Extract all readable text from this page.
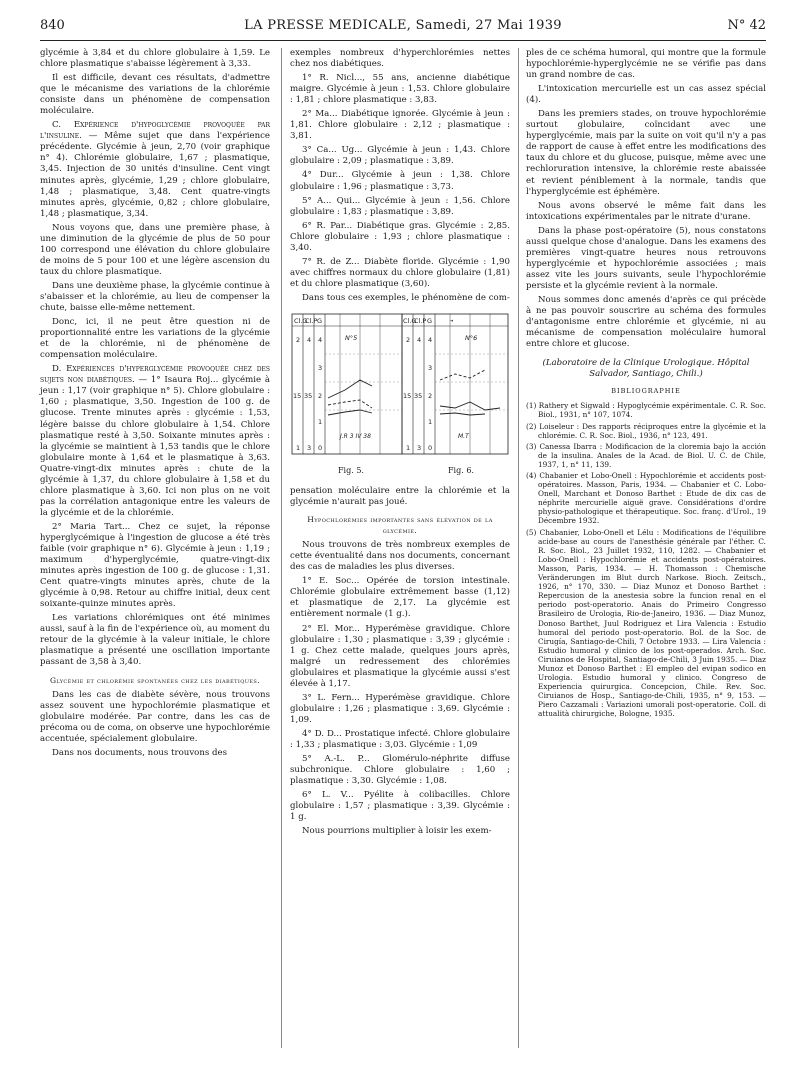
840	LA PRESSE MEDICALE, Samedi, 27 Mai 1939	N° 42

glycémie à 3,84 et du chlore globulaire à 1,59. Le chlore plasmatique s'abaisse légèrement à 3,33.

Il est difficile, devant ces résultats, d'admettre que le mécanisme des variations de la chlorémie consiste dans un phénomène de compensation moléculaire.

C. Expérience d'hypoglycémie provoquée par l'insuline. — Même sujet que dans l'expérience précédente. Glycémie à jeun, 2,70 (voir graphique n° 4). Chlorémie globulaire, 1,67 ; plasmatique, 3,45. Injection de 30 unités d'insuline. Cent vingt minutes après, glycémie, 1,29 ; chlore globulaire, 1,48 ; plasmatique, 3,48. Cent quatre-vingts minutes après, glycémie, 0,82 ; chlore globulaire, 1,48 ; plasmatique, 3,34.

Nous voyons que, dans une première phase, à une diminution de la glycémie de plus de 50 pour 100 correspond une élévation du chlore globulaire de moins de 5 pour 100 et une légère ascension du taux du chlore plasmatique.

Dans une deuxième phase, la glycémie continue à s'abaisser et la chlorémie, au lieu de compenser la chute, baisse elle-même nettement.

Donc, ici, il ne peut être question ni de proportionnalité entre les variations de la glycémie et de la chlorémie, ni de phénomène de compensation moléculaire.

D. Expériences d'hyperglycémie provoquée chez des sujets non diabétiques. — 1° Isaura Roj... glycémie à jeun : 1,17 (voir graphique n° 5). Chlore globulaire : 1,60 ; plasmatique, 3,50. Ingestion de 100 g. de glucose. Trente minutes après : glycémie : 1,53, légère baisse du chlore globulaire à 1,54. Chlore plasmatique resté à 3,50. Soixante minutes après : la glycémie se maintient à 1,53 tandis que le chlore globulaire monte à 1,64 et le plasmatique à 3,63. Quatre-vingt-dix minutes après : chute de la glycémie à 1,37, du chlore globulaire à 1,58 et du chlore plasmatique à 3,60. Ici non plus on ne voit pas la corrélation antagonique entre les valeurs de la glycémie et de la chlorémie.

2° Maria Tart... Chez ce sujet, la réponse hyperglycémique à l'ingestion de glucose a été très faible (voir graphique n° 6). Glycémie à jeun : 1,19 ; maximum d'hyperglycémie, quatre-vingt-dix minutes après ingestion de 100 g. de glucose : 1,31. Cent quatre-vingts minutes après, chute de la glycémie à 0,98. Retour au chiffre initial, deux cent soixante-quinze minutes après.

Les variations chlorémiques ont été minimes aussi, sauf à la fin de l'expérience où, au moment du retour de la glycémie à la valeur initiale, le chlore plasmatique a présenté une oscillation importante passant de 3,58 à 3,40.

Glycémie et chlorémie spontanées chez les diabétiques.

Dans les cas de diabète sévère, nous trouvons assez souvent une hypochlorémie plasmatique et globulaire modérée. Par contre, dans les cas de précoma ou de coma, on observe une hypochlorémie accentuée, spécialement globulaire.

Dans nos documents, nous trouvons des

exemples nombreux d'hyperchlorémies nettes chez nos diabétiques.

1° R. Nicl..., 55 ans, ancienne diabétique maigre. Glycémie à jeun : 1,53. Chlore globulaire : 1,81 ; chlore plasmatique : 3,83.

2° Ma... Diabétique ignorée. Glycémie à jeun : 1,81. Chlore globulaire : 2,12 ; plasmatique : 3,81.

3° Ca... Ug... Glycémie à jeun : 1,43. Chlore globulaire : 2,09 ; plasmatique : 3,89.

4° Dur... Glycémie à jeun : 1,38. Chlore globulaire : 1,96 ; plasmatique : 3,73.

5° A... Qui... Glycémie à jeun : 1,56. Chlore globulaire : 1,83 ; plasmatique : 3,89.

6° R. Par... Diabétique gras. Glycémie : 2,85. Chlore globulaire : 1,93 ; chlore plasmatique : 3,40.

7° R. de Z... Diabète floride. Glycémie : 1,90 avec chiffres normaux du chlore globulaire (1,81) et du chlore plasmatique (3,60).

Dans tous ces exemples, le phénomène de com-

➜
Cl.G
Cl.P G
2 4 4
3
15 35 2
1
1 3 0
N°5
J.R 3 IV 38
Cl.G
Cl.P G
2 4 4
3
15 35 2
1
1 3 0
N°6
M.T
Fig. 5.	Fig. 6.

pensation moléculaire entre la chlorémie et la glycémie n'aurait pas joué.

Hypochlorémies importantes sans élévation de la glycémie.

Nous trouvons de très nombreux exemples de cette éventualité dans nos documents, concernant des cas de maladies les plus diverses.

1° E. Soc... Opérée de torsion intestinale. Chlorémie globulaire extrêmement basse (1,12) et plasmatique de 2,17. La glycémie est entièrement normale (1 g.).

2° El. Mor... Hyperémèse gravidique. Chlore globulaire : 1,30 ; plasmatique : 3,39 ; glycémie : 1 g. Chez cette malade, quelques jours après, malgré un redressement des chlorémies globulaires et plasmatique la glycémie aussi s'est élevée à 1,17.

3° L. Fern... Hyperémèse gravidique. Chlore globulaire : 1,26 ; plasmatique : 3,69. Glycémie : 1,09.

4° D. D... Prostatique infecté. Chlore globulaire : 1,33 ; plasmatique : 3,03. Glycémie : 1,09

5° A.-L. P... Glomérulo-néphrite diffuse subchronique. Chlore globulaire : 1,60 ; plasmatique : 3,30. Glycémie : 1,08.

6° L. V... Pyélite à colibacilles. Chlore globulaire : 1,57 ; plasmatique : 3,39. Glycémie : 1 g.

Nous pourrions multiplier à loisir les exem-

ples de ce schéma humoral, qui montre que la formule hypochlorémie-hyperglycémie ne se vérifie pas dans un grand nombre de cas.

L'intoxication mercurielle est un cas assez spécial (4).

Dans les premiers stades, on trouve hypochlorémie surtout globulaire, coïncidant avec une hyperglycémie, mais par la suite on voit qu'il n'y a pas de rapport de cause à effet entre les modifications des taux du chlore et du glucose, puisque, même avec une rechloruration intensive, la chlorémie reste abaissée et revient péniblement à la normale, tandis que l'hyperglycémie est éphémère.

Nous avons observé le même fait dans les intoxications expérimentales par le nitrate d'urane.

Dans la phase post-opératoire (5), nous constatons aussi quelque chose d'analogue. Dans les examens des premières vingt-quatre heures nous retrouvons hyperglycémie et hypochlorémie associées ; mais assez vite les jours suivants, seule l'hypochlorémie persiste et la glycémie revient à la normale.

Nous sommes donc amenés d'après ce qui précède à ne pas pouvoir souscrire au schéma des formules d'antagonisme entre chlorémie et glycémie, ni au mécanisme de compensation moléculaire humoral entre chlore et glucose.

(Laboratoire de la Clinique Urologique. Hôpital Salvador, Santiago, Chili.)

BIBLIOGRAPHIE

(1) Rathery et Sigwald : Hypoglycémie expérimentale. C. R. Soc. Biol., 1931, n° 107, 1074.

(2) Loiseleur : Des rapports réciproques entre la glycémie et la chlorémie. C. R. Soc. Biol., 1936, n° 123, 491.

(3) Canessa Ibarra : Modificacion de la cloremia bajo la acción de la insulina. Anales de la Acad. de Biol. U. C. de Chile, 1937, 1, n° 11, 139.

(4) Chabanier et Lobo-Onell : Hypochlorémie et accidents post-opératoires. Masson, Paris, 1934. — Chabanier et C. Lobo-Onell, Marchant et Donoso Barthet : Etude de dix cas de néphrite mercurielle aiguë grave. Considérations d'ordre physio-pathologique et thérapeutique. Soc. franç. d'Urol., 19 Décembre 1932.

(5) Chabanier, Lobo-Onell et Lélu : Modifications de l'équilibre acide-base au cours de l'anesthésie générale par l'éther. C. R. Soc. Biol., 23 Juillet 1932, 110, 1282. — Chabanier et Lobo-Onell : Hypochlorémie et accidents post-opératoires. Masson, Paris, 1934. — H. Thomasson : Chemische Veränderungen im Blut durch Narkose. Bioch. Zeitsch., 1926, n° 170, 330. — Diaz Munoz et Donoso Barthet : Repercusion de la anestesia sobre la funcion renal en el periodo post-operatorio. Anais do Primeiro Congresso Brasileiro de Urologia, Rio-de-Janeiro, 1936. — Diaz Munoz, Donoso Barthet, Juul Rodriguez et Lira Valencia : Estudio humoral del periodo post-operatorio. Bol. de la Soc. de Cirugía, Santiago-de-Chili, 7 Octobre 1933. — Lira Valencia : Estudio humoral y clinico de los post-operados. Arch. Soc. Ciruianos de Hospital, Santiago-de-Chili, 3 Juin 1935. — Diaz Munoz et Donoso Barthet : El empleo del evipan sodico en Urologia. Estudio humoral y clinico. Congreso de Experiencia quirurgica. Concepcion, Chile. Rev. Soc. Ciruianos de Hosp., Santiago-de-Chili, 1935, n° 9, 153. — Piero Cazzamali : Variazioni umorali post-operatorie. Coll. di attualità chirurgiche, Bologne, 1935.
